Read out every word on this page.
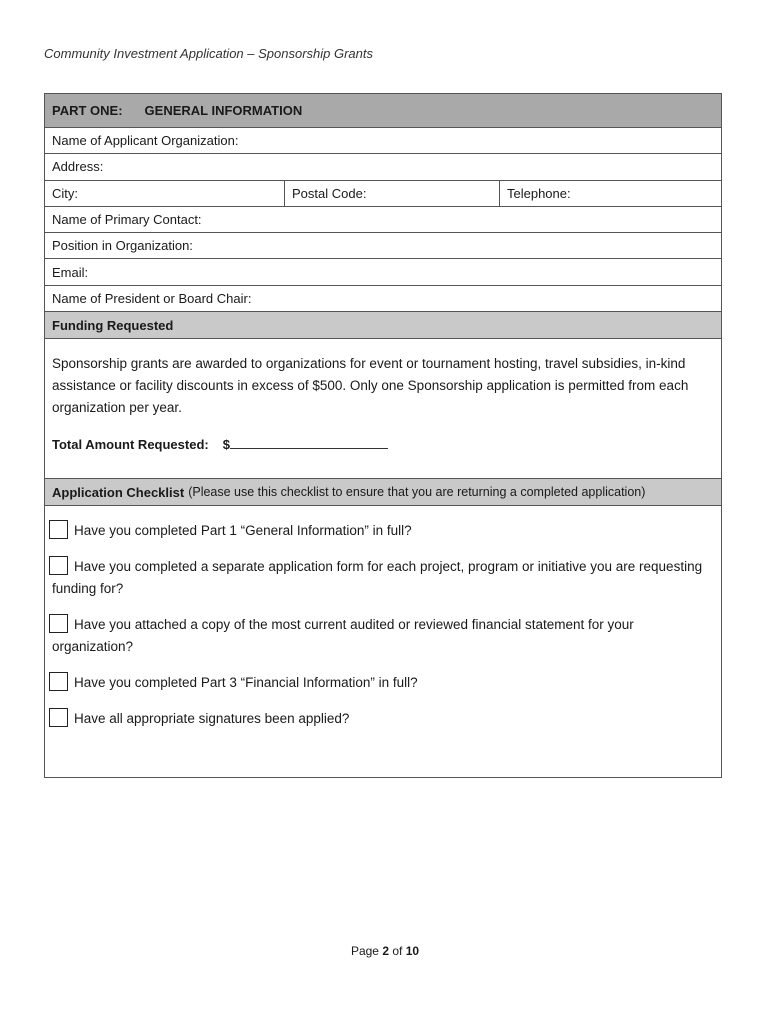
Community Investment Application – Sponsorship Grants
PART ONE: GENERAL INFORMATION
Name of Applicant Organization:
Address:
City:	Postal Code:	Telephone:
Name of Primary Contact:
Position in Organization:
Email:
Name of President or Board Chair:
Funding Requested
Sponsorship grants are awarded to organizations for event or tournament hosting, travel subsidies, in-kind assistance or facility discounts in excess of $500. Only one Sponsorship application is permitted from each organization per year.
Total Amount Requested: $
Application Checklist (Please use this checklist to ensure that you are returning a completed application)
Have you completed Part 1 “General Information” in full?
Have you completed a separate application form for each project, program or initiative you are requesting funding for?
Have you attached a copy of the most current audited or reviewed financial statement for your organization?
Have you completed Part 3 “Financial Information” in full?
Have all appropriate signatures been applied?
Page 2 of 10
